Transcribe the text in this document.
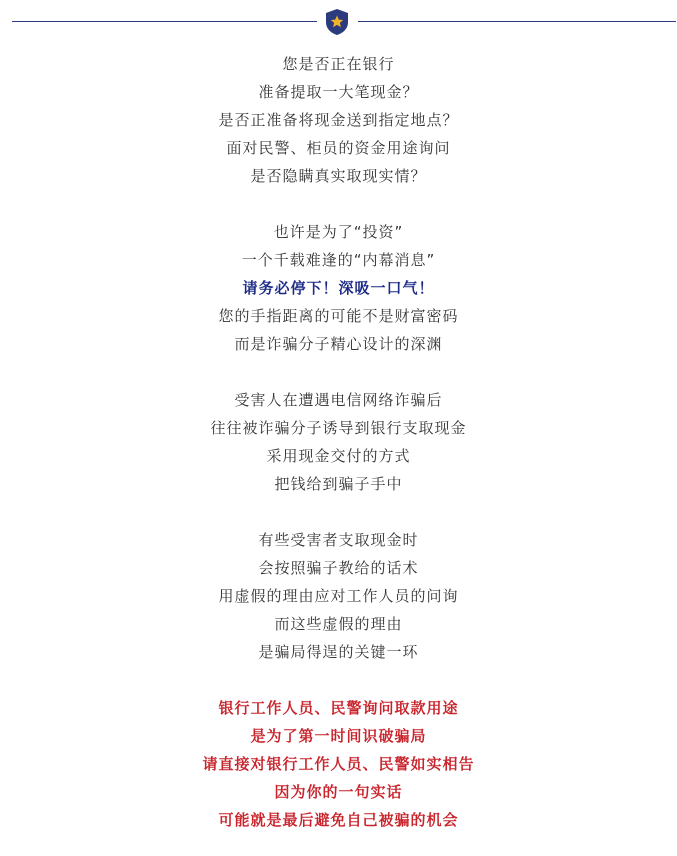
您是否正在银行
准备提取一大笔现金？
是否正准备将现金送到指定地点？
面对民警、柜员的资金用途询问
是否隐瞒真实取现实情？
也许是为了“投资”
一个千载难逢的“内幕消息”
请务必停下！深吸一口气！
您的手指距离的可能不是财富密码
而是诈骗分子精心设计的深渊
受害人在遭遇电信网络诈骗后
往往被诈骗分子诱导到银行支取现金
采用现金交付的方式
把钱给到骗子手中
有些受害者支取现金时
会按照骗子教给的话术
用虚假的理由应对工作人员的问询
而这些虚假的理由
是骗局得逞的关键一环
银行工作人员、民警询问取款用途
是为了第一时间识破骗局
请直接对银行工作人员、民警如实相告
因为你的一句实话
可能就是最后避免自己被骗的机会
